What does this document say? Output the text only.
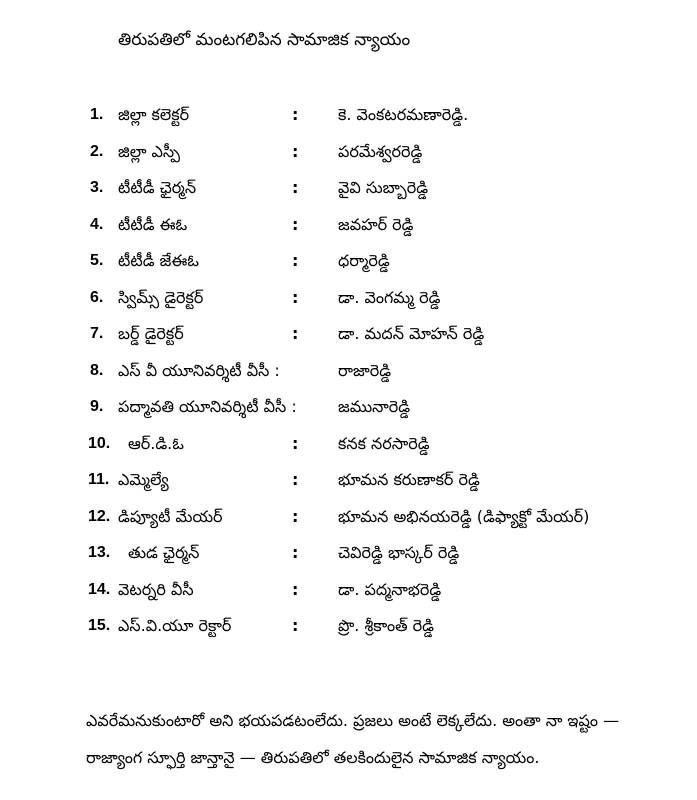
తిరుపతిలో మంటగలిపిన సామాజిక న్యాయం
1. జిల్లా కలెక్టర్	: కె. వెంకటరమణారెడ్డి.
2. జిల్లా ఎస్పీ	: పరమేశ్వరరెడ్డి
3. టీటీడీ ఛైర్మన్	: వైవి సుబ్బారెడ్డి
4. టీటీడీ ఈఓ	: జవహర్ రెడ్డి
5. టీటీడీ జేఈఓ	: ధర్మారెడ్డి
6. స్విమ్స్ డైరెక్టర్	: డా. వెంగమ్మ రెడ్డి
7. బర్డ్ డైరెక్టర్	: డా. మదన్ మోహన్ రెడ్డి
8. ఎస్ వీ యూనివర్శిటీ వీసీ :	రాజారెడ్డి
9. పద్మావతి యూనివర్శిటీ వీసీ :	జమునారెడ్డి
10. ఆర్.డి.ఓ	: కనక నరసారెడ్డి
11. ఎమ్మెల్యే	: భూమన కరుణాకర్ రెడ్డి
12. డిప్యూటీ మేయర్	: భూమన అభినయరెడ్డి (డిఫ్యాక్టో మేయర్)
13. తుడ ఛైర్మన్	: చెవిరెడ్డి భాస్కర్ రెడ్డి
14. వెటర్నరి వీసీ	: డా. పద్మనాభరెడ్డి
15. ఎస్.వి.యూ రెక్టార్	: ప్రొ. శ్రీకాంత్ రెడ్డి
ఎవరేమనుకుంటారో అని భయపడటంలేదు. ప్రజలు అంటే లెక్కలేదు. అంతా నా ఇష్టం —
రాజ్యాంగ స్ఫూర్తి జాన్తానై — తిరుపతిలో తలకిందులైన సామాజిక న్యాయం.
